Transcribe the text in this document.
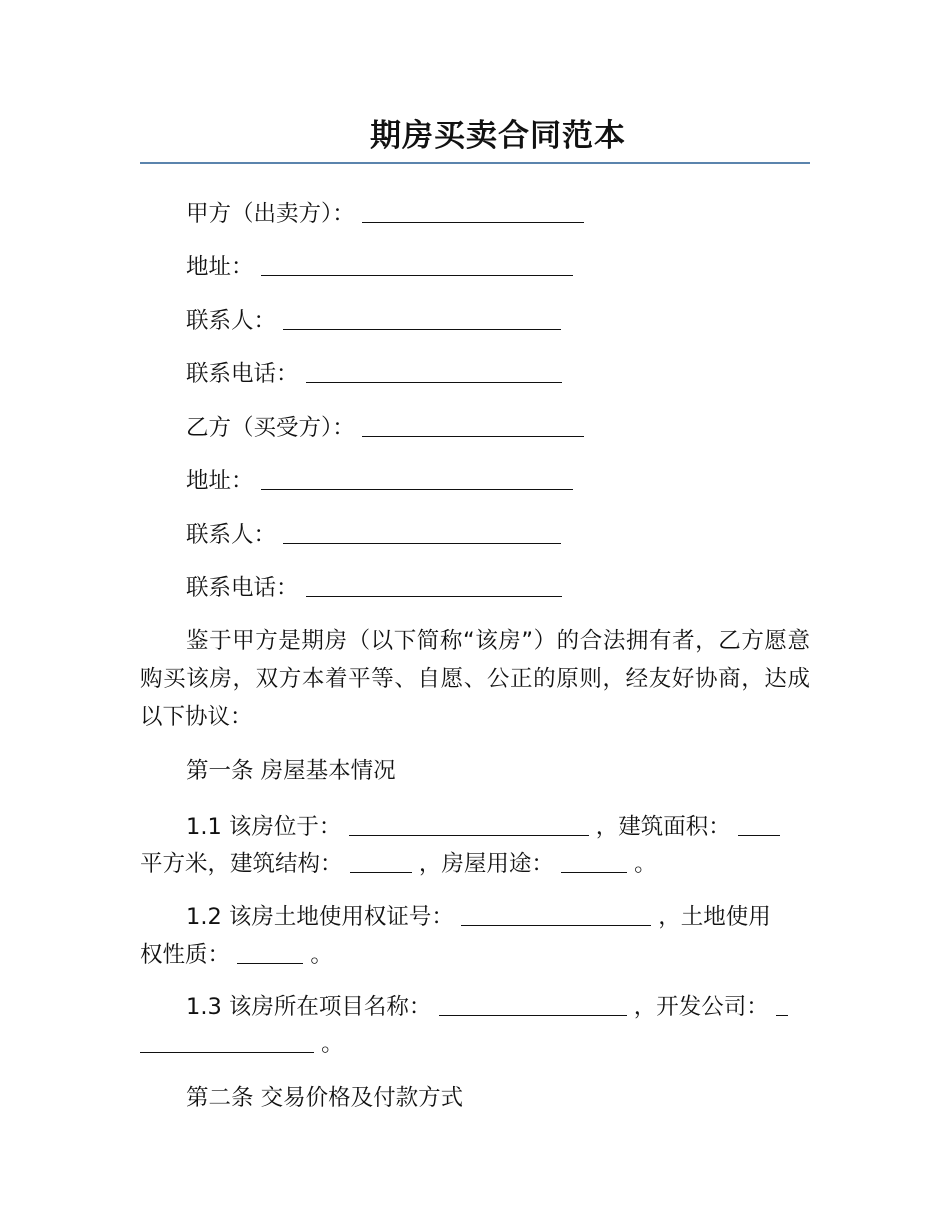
期房买卖合同范本
甲方（出卖方）：
地址：
联系人：
联系电话：
乙方（买受方）：
地址：
联系人：
联系电话：
鉴于甲方是期房（以下简称“该房”）的合法拥有者，乙方愿意购买该房，双方本着平等、自愿、公正的原则，经友好协商，达成以下协议：
第一条 房屋基本情况
1.1 该房位于：	，建筑面积：
平方米，建筑结构：	，房屋用途：	。
1.2 该房土地使用权证号：	，土地使用
权性质：	。
1.3 该房所在项目名称：	，开发公司：
。
第二条 交易价格及付款方式
